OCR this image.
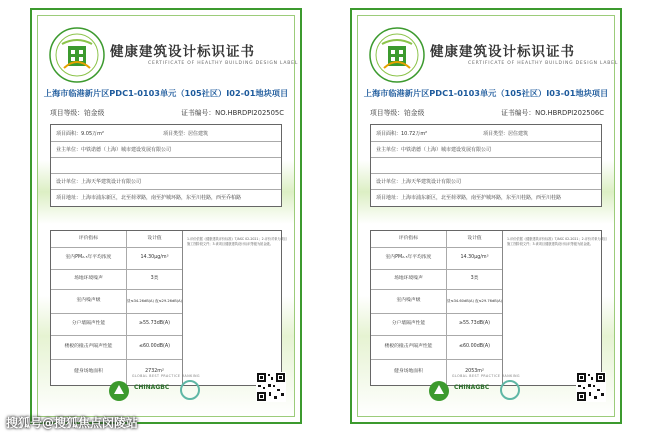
健康建筑设计标识证书
CERTIFICATE OF HEALTHY BUILDING DESIGN LABEL
上海市临港新片区PDC1-0103单元（105社区）I02-01地块项目
项目等级：铂金级	证书编号：NO.HBRDPI202505C
项目面积：9.05万m²	项目类型：居住建筑
业主单位：中铁诺德（上海）城市建设发展有限公司
设计单位：上海天华建筑设计有限公司
项目地址：上海市浦东新区，北至荷翠路，南至护城环路，东至川桂路，西至乔柏路
评价指标	设计值
室内PM₂.₅年平均浓度	14.30μg/m³
场地环境噪声	3类
室内噪声级	昼≤34.26dB(A) 夜≤29.26dB(A)
分户墙隔声性能	≥55.73dB(A)
楼板的撞击声隔声性能	≤60.00dB(A)
健身场地面积	2732m²
1.评价依据《健康建筑评价标准》T/ASC 02-2021；2.评价对象为项目施工图阶段文件；3.该项目健康建筑设计标识等级为铂金级。
GLOBAL BEST PRACTICE RANKING
CHINAGBC
健康建筑设计标识证书
CERTIFICATE OF HEALTHY BUILDING DESIGN LABEL
上海市临港新片区PDC1-0103单元（105社区）I03-01地块项目
项目等级：铂金级	证书编号：NO.HBRDPI202506C
项目面积：10.72万m²	项目类型：居住建筑
业主单位：中铁诺德（上海）城市建设发展有限公司
设计单位：上海天华建筑设计有限公司
项目地址：上海市浦东新区，北至荷翠路，南至护城环路，东至川桂路，西至川桂路
评价指标	设计值
室内PM₂.₅年平均浓度	14.30μg/m³
场地环境噪声	3类
室内噪声级	昼≤34.60dB(A) 夜≤29.76dB(A)
分户墙隔声性能	≥55.73dB(A)
楼板的撞击声隔声性能	≤60.00dB(A)
健身场地面积	2053m²
1.评价依据《健康建筑评价标准》T/ASC 02-2021；2.评价对象为项目施工图阶段文件；3.该项目健康建筑设计标识等级为铂金级。
GLOBAL BEST PRACTICE RANKING
CHINAGBC
搜狐号@搜狐焦点闵陵站
